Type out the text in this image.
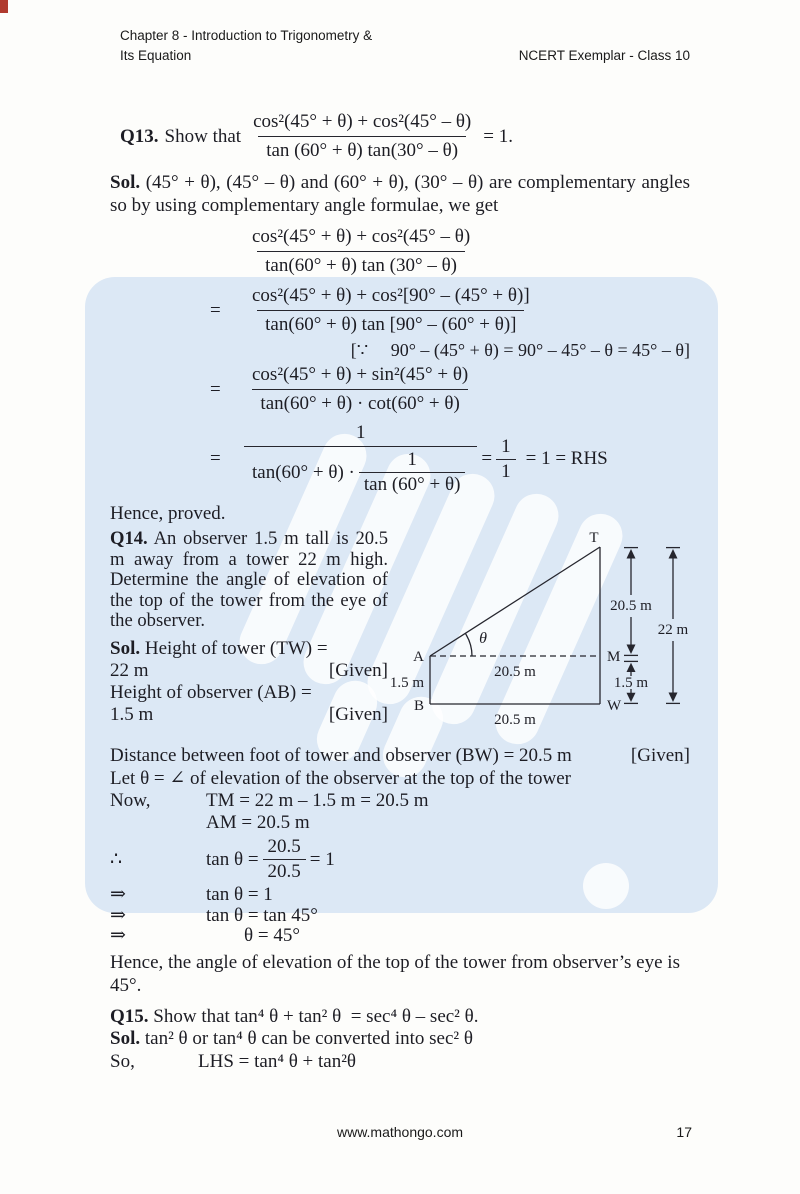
Chapter 8 - Introduction to Trigonometry &
Its Equation	NCERT Exemplar - Class 10
Q13. Show that $\frac{\text{cos²(45° + θ) + cos²(45° – θ)}}{\tan (60^\circ + \theta) \tan(30^\circ - \theta)} = 1$.

Sol. (45° + θ), (45° – θ) and (60° + θ), (30° – θ) are complementary angles so by using complementary angle formulae, we get

$\frac{\text{cos²(45° + θ) + cos²(45° – θ)}}{\tan(60^\circ + \theta) \tan (30^\circ - \theta)}$
=	$\frac{\text{cos²(45° + θ) + cos²[90° – (45° + θ)]}}{\tan(60^\circ + \theta) \tan [90^\circ - (60^\circ + \theta)]}$
[∵  90° – (45° + θ) = 90° – 45° – θ = 45° – θ]
=	$\frac{\text{cos²(45° + θ) + sin²(45° + θ)}}{\tan(60^\circ + \theta) \cdot \cot(60^\circ + \theta)}$
=	$\frac{1}{\tan(60^\circ + \theta) \cdot \frac{1}{\tan (60^\circ + \theta)}} = \frac{1}{1} = 1$ = RHS
Hence, proved.

Q14. An observer 1.5 m tall is 20.5 m away from a tower 22 m high. Determine the angle of elevation of the top of the tower from the eye of the observer.

Sol. Height of tower (TW) =
22 m	[Given]
Height of observer (AB) =
1.5 m	[Given]
T
A
B
M
W
θ
20.5 m
1.5 m
20.5 m
20.5 m
1.5 m
22 m
Distance between foot of tower and observer (BW) = 20.5 m	[Given]
Let θ = ∠ of elevation of the observer at the top of the tower
Now,	TM = 22 m – 1.5 m = 20.5 m
AM = 20.5 m
∴	$\tan \theta = \frac{20.5}{20.5} = 1$
⇒	tan θ = 1
⇒	tan θ = tan 45°
⇒	θ = 45°
Hence, the angle of elevation of the top of the tower from observer’s eye is 45°.

Q15. Show that tan⁴ θ + tan² θ = sec⁴ θ – sec² θ.

Sol. tan² θ or tan⁴ θ can be converted into sec² θ

So,	LHS = tan⁴ θ + tan²θ
www.mathongo.com	17
